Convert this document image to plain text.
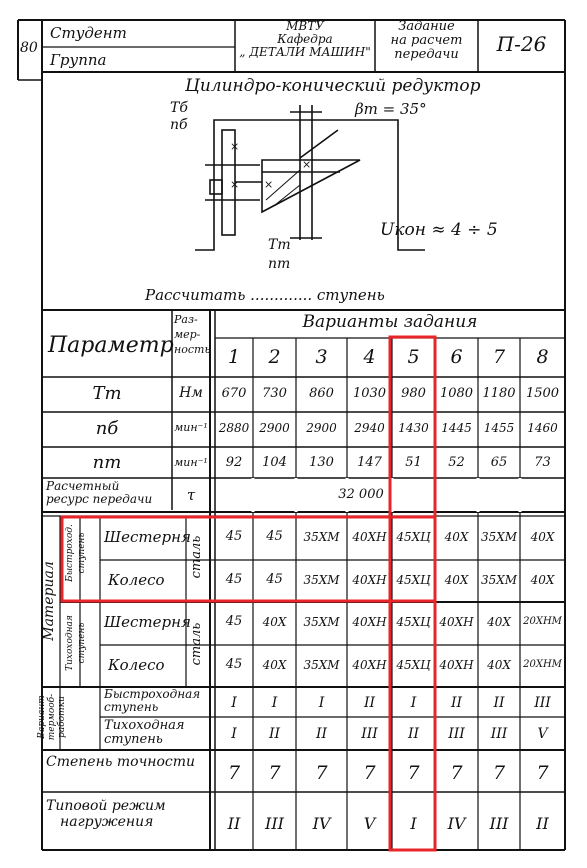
×
×
×
×
80
Студент
Группа
МВТУ
Кафедра
„ ДЕТАЛИ МАШИН"
Задание
на расчет
передачи	П-26
Цилиндро-конический редуктор
Тб
пб
βm = 35°
Uкон ≈ 4 ÷ 5
Тт
пт
Рассчитать ............. ступень
Параметр
Раз-
мер-
ность
Варианты задания
1	2	3	4	5	6	7	8
Тт	Нм	670	730	860	1030	980	1080 1180 1500
пб	мин⁻¹ 2880 2900	2900	2940	1430	1445 1455	1460
пт	мин⁻¹	92	104	130	147	51	52	65	73
Расчетный
ресурс передачи	τ	32 000
Материал
Быстроход. ступень
Тихоходная ступень
сталь
сталь
Шестерня	45	45	35ХМ	40ХН 45ХЦ	40Х	35ХМ	40Х
Колесо	45	45	35ХМ	40ХН 45ХЦ	40Х	35ХМ	40Х
Шестерня	45	40Х	35ХМ	40ХН 45ХЦ 40ХН	40Х	20ХНМ
Колесо	45	40Х	35ХМ	40ХН 45ХЦ 40ХН	40Х	20ХНМ
Вариант термооб- работки
Быстроходная
ступень	I	I	I	II	I	II	II	III
Тихоходная
ступень	I	II	II	III	II	III	III	V
Степень точности	7	7	7	7	7	7	7	7
Типовой режим
нагружения	II	III	IV	V	I	IV	III	II
